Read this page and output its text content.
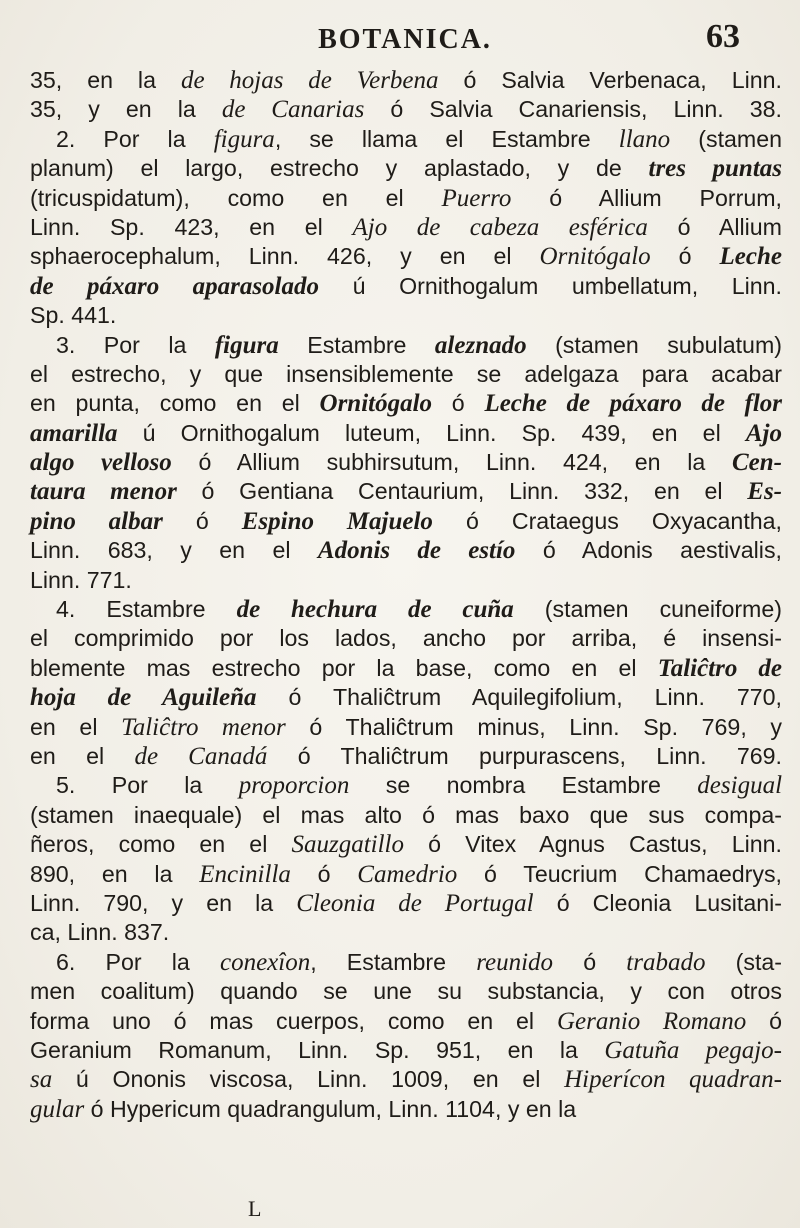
BOTANICA.	63
35, en la de hojas de Verbena ó Salvia Verbenaca, Linn.
35, y en la de Canarias ó Salvia Canariensis, Linn. 38.
2. Por la figura, se llama el Estambre llano (stamen
planum) el largo, estrecho y aplastado, y de tres puntas
(tricuspidatum), como en el Puerro ó Allium Porrum,
Linn. Sp. 423, en el Ajo de cabeza esférica ó Allium
sphaerocephalum, Linn. 426, y en el Ornitógalo ó Leche
de páxaro aparasolado ú Ornithogalum umbellatum, Linn.
Sp. 441.
3. Por la figura Estambre aleznado (stamen subulatum)
el estrecho, y que insensiblemente se adelgaza para acabar
en punta, como en el Ornitógalo ó Leche de páxaro de flor
amarilla ú Ornithogalum luteum, Linn. Sp. 439, en el Ajo
algo velloso ó Allium subhirsutum, Linn. 424, en la Cen-
taura menor ó Gentiana Centaurium, Linn. 332, en el Es-
pino albar ó Espino Majuelo ó Crataegus Oxyacantha,
Linn. 683, y en el Adonis de estío ó Adonis aestivalis,
Linn. 771.
4. Estambre de hechura de cuña (stamen cuneiforme)
el comprimido por los lados, ancho por arriba, é insensi-
blemente mas estrecho por la base, como en el Taliĉtro de
hoja de Aguileña ó Thaliĉtrum Aquilegifolium, Linn. 770,
en el Taliĉtro menor ó Thaliĉtrum minus, Linn. Sp. 769, y
en el de Canadá ó Thaliĉtrum purpurascens, Linn. 769.
5. Por la proporcion se nombra Estambre desigual
(stamen inaequale) el mas alto ó mas baxo que sus compa-
ñeros, como en el Sauzgatillo ó Vitex Agnus Castus, Linn.
890, en la Encinilla ó Camedrio ó Teucrium Chamaedrys,
Linn. 790, y en la Cleonia de Portugal ó Cleonia Lusitani-
ca, Linn. 837.
6. Por la conexîon, Estambre reunido ó trabado (sta-
men coalitum) quando se une su substancia, y con otros
forma uno ó mas cuerpos, como en el Geranio Romano ó
Geranium Romanum, Linn. Sp. 951, en la Gatuña pegajo-
sa ú Ononis viscosa, Linn. 1009, en el Hiperícon quadran-
gular ó Hypericum quadrangulum, Linn. 1104, y en la
L
